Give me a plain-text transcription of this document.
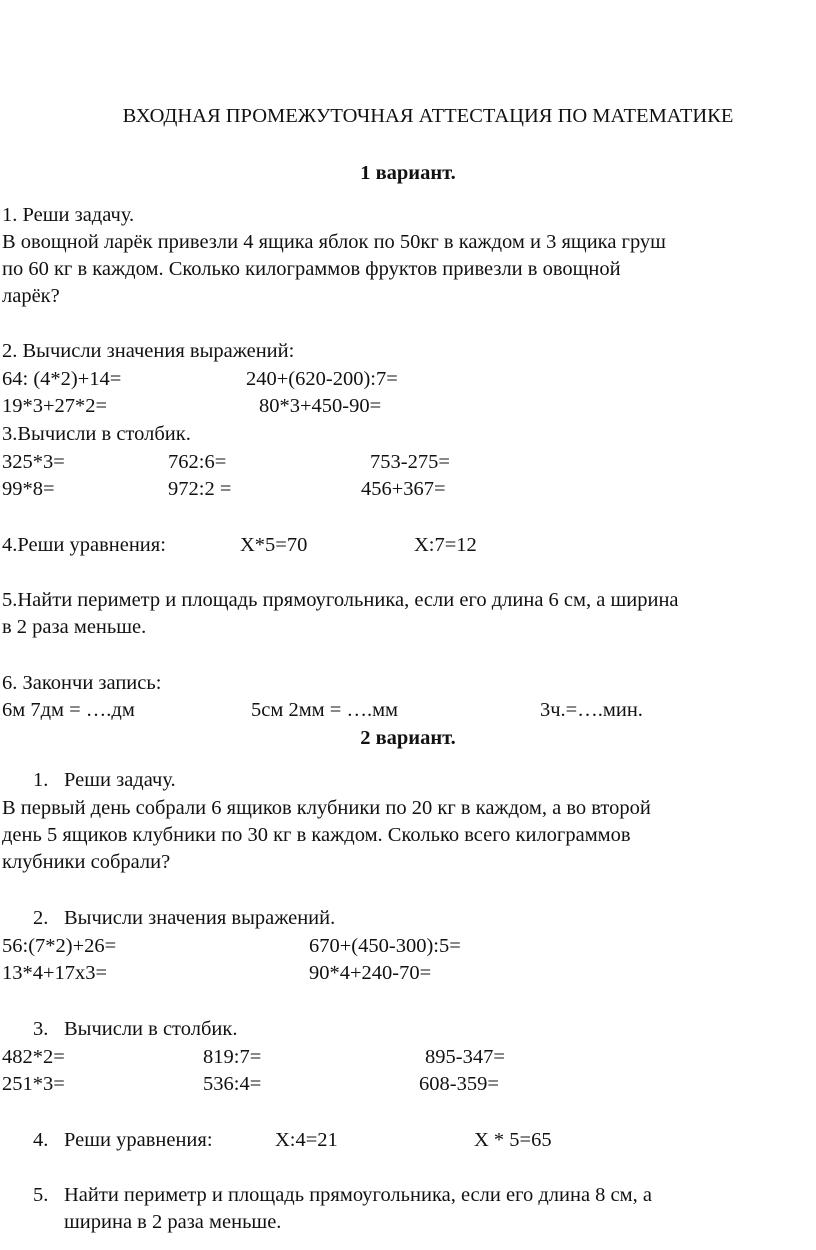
ВХОДНАЯ ПРОМЕЖУТОЧНАЯ АТТЕСТАЦИЯ ПО МАТЕМАТИКЕ
1 вариант.
1. Реши задачу.
В овощной ларёк привезли 4 ящика яблок по 50кг в каждом и 3 ящика груш
по 60 кг в каждом. Сколько килограммов фруктов привезли в овощной
ларёк?
2. Вычисли значения выражений:
64: (4*2)+14=	240+(620-200):7=
19*3+27*2=	80*3+450-90=
3.Вычисли в столбик.
325*3=	762:6=	753-275=
99*8=	972:2 =	456+367=
4.Реши уравнения:	Х*5=70	Х:7=12
5.Найти периметр и площадь прямоугольника, если его длина 6 см, а ширина
в 2 раза меньше.
6. Закончи запись:
6м 7дм = ….дм	5см 2мм = ….мм	3ч.=….мин.
2 вариант.
1. Реши задачу.
В первый день собрали 6 ящиков клубники по 20 кг в каждом, а во второй
день 5 ящиков клубники по 30 кг в каждом. Сколько всего килограммов
клубники собрали?
2. Вычисли значения выражений.
56:(7*2)+26=	670+(450-300):5=
13*4+17х3=	90*4+240-70=
3. Вычисли в столбик.
482*2=	819:7=	895-347=
251*3=	536:4=	608-359=
4. Реши уравнения:	Х:4=21	Х * 5=65
5. Найти периметр и площадь прямоугольника, если его длина 8 см, а
ширина в 2 раза меньше.
